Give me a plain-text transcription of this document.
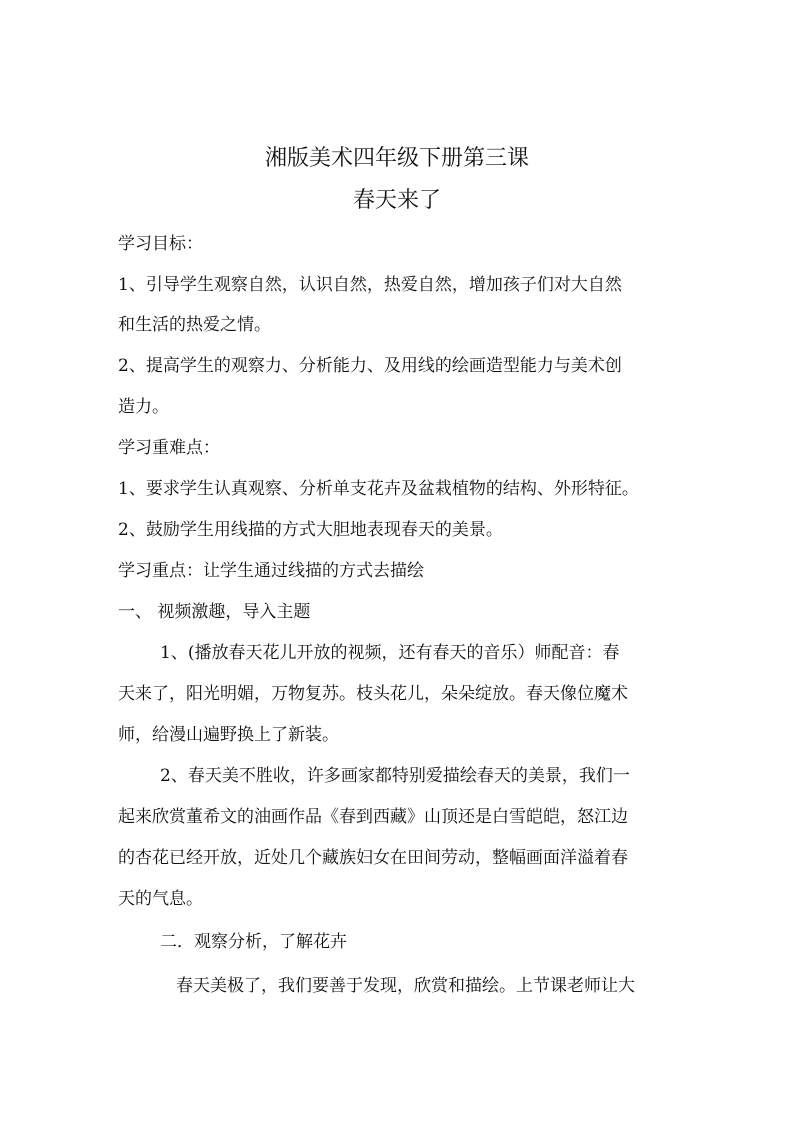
湘版美术四年级下册第三课
春天来了
学习目标：
1、引导学生观察自然，认识自然，热爱自然，增加孩子们对大自然
和生活的热爱之情。
2、提高学生的观察力、分析能力、及用线的绘画造型能力与美术创
造力。
学习重难点：
1、要求学生认真观察、分析单支花卉及盆栽植物的结构、外形特征。
2、鼓励学生用线描的方式大胆地表现春天的美景。
学习重点：让学生通过线描的方式去描绘
一、 视频激趣，导入主题
1、(播放春天花儿开放的视频，还有春天的音乐）师配音：春
天来了，阳光明媚，万物复苏。枝头花儿，朵朵绽放。春天像位魔术
师，给漫山遍野换上了新装。
2、春天美不胜收，许多画家都特别爱描绘春天的美景，我们一
起来欣赏董希文的油画作品《春到西藏》山顶还是白雪皑皑，怒江边
的杏花已经开放，近处几个藏族妇女在田间劳动，整幅画面洋溢着春
天的气息。
二．观察分析，了解花卉
春天美极了，我们要善于发现，欣赏和描绘。上节课老师让大
